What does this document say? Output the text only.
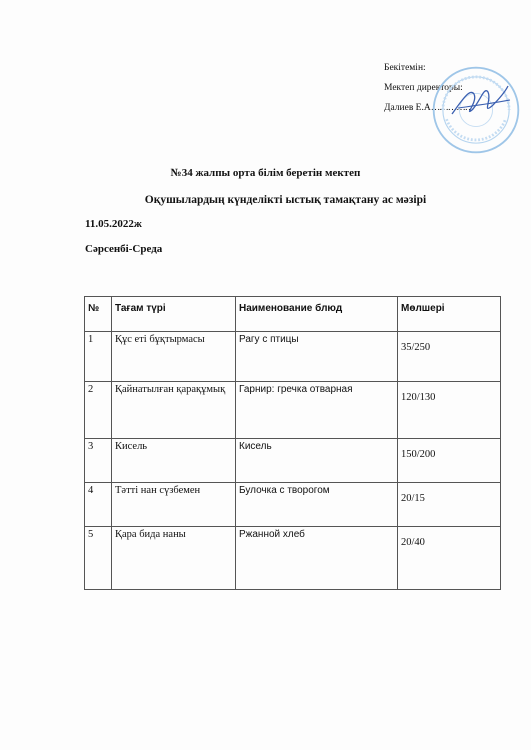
Бекітемін:
Мектеп директоры:
Далиев Е.А……………
№34 жалпы орта білім беретін мектеп
Оқушылардың күнделікті ыстық тамақтану ас мәзірі
11.05.2022ж
Сәрсенбі-Среда
№	Тағам түрі	Наименование блюд	Мөлшері
1	Құс еті бұқтырмасы	Рагу с птицы	35/250
2	Қайнатылған қарақұмық	Гарнир: гречка отварная	120/130
3	Кисель	Кисель	150/200
4	Тәтті нан сүзбемен	Булочка с творогом	20/15
5	Қара бида наны	Ржанной хлеб	20/40
